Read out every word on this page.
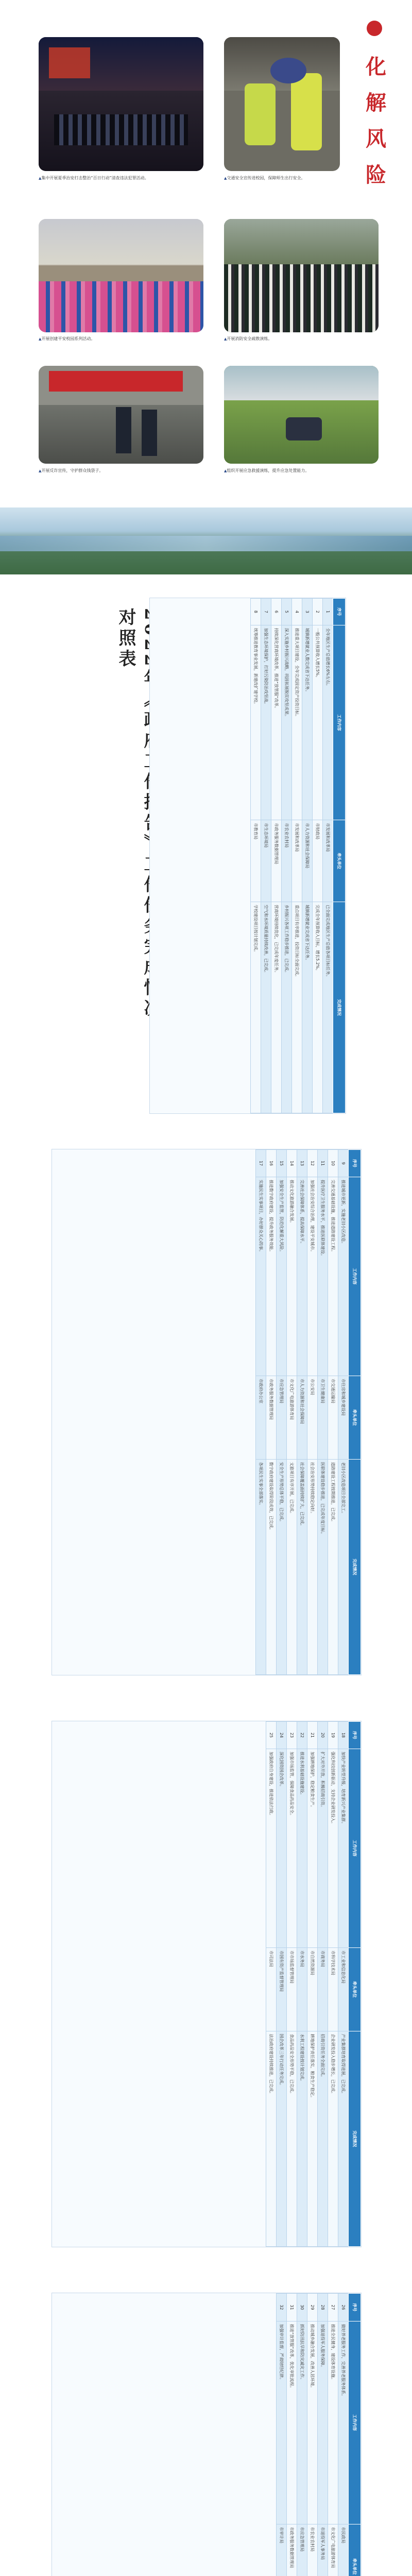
▲ 集中开展夏季治安打击整治“百日行动”清查违法犯罪活动。
▲ 开展创建平安校园系列活动。
▲ 开展反诈宣传，守护群众钱袋子。
▲ 交通安全宣传进校园，保障师生出行安全。
化
解
风
险
▲ 开展消防安全疏散演练。
▲ 组织开展应急救援演练，提升应急处置能力。
对照表
序号	工作内容	牵头单位	完成情况
1	全年地区生产总值增长6%左右。	市发展和改革局	已全面完成地区生产总值各项目标任务。
2	一般公共预算收入增长5%。	市财政局	完成全年预算收入目标，增长5.2%。
3	城镇新增就业人数完成省下达任务。	市人力资源和社会保障局	城镇新增就业完成省下达任务。
4	推进重大项目建设，全年完成固定资产投资目标。	市发展和改革局	重点项目有序推进，投资目标全面完成。
5	深入实施乡村振兴战略，巩固拓展脱贫攻坚成果。	市农业农村局	乡村振兴各项工作稳步推进，已完成。
6	持续深化营商环境改革，推进“放管服”改革。	市政务服务数据管理局	营商环境持续优化，已完成年度任务。
7	加强生态环境保护，打好污染防治攻坚战。	市生态环境局	空气和水环境质量持续改善，已完成。
8	统筹推进教育事业发展，新建改扩建学校。	市教育局	学校建设项目按计划完成。
序号	工作内容	牵头单位	完成情况
9	推进城市更新，实施老旧小区改造。	市住房和城乡建设局	老旧小区改造项目全部完工。
10	完善交通基础设施，推进道路建设工程。	市交通运输局	道路建设工程按期推进，已完成。
11	提升医疗卫生服务水平，推进医联体建设。	市卫生健康局	医联体建设稳步推进，已完成年度目标。
12	加强社会治安综合治理，建设平安城市。	市公安局	社会治安形势持续稳定向好。
13	完善社会保障体系，提高保障水平。	市人力资源和社会保障局	社会保障覆盖面持续扩大，已完成。
14	推动文化旅游融合发展。	市文化广电旅游体育局	文旅项目有序开展，已完成。
15	加强安全生产监管，防范化解重大风险。	市应急管理局	安全生产形势总体平稳，已完成。
16	推进数字政府建设，提升政务服务效能。	市政务服务数据管理局	数字政府建设取得阶段成效，已完成。
17	实施民生实事项目，办好群众关心的事。	市政府办公室	各项民生实事全部落实。
序号	工作内容	牵头单位	完成情况
18	加快产业转型升级，培育新兴产业集群。	市工业和信息化局	产业集群培育取得进展，已完成。
19	强化科技创新驱动，支持企业研发投入。	市科学技术局	企业研发投入稳步增长，已完成。
20	扩大对外开放，积极招商引资。	市商务局	招商引资任务全面完成。
21	加强耕地保护，稳定粮食生产。	市自然资源局	耕地保护责任落实，粮食生产稳定。
22	推进水利基础设施建设。	市水务局	水利工程建设按计划完成。
23	加强市场监管，保障食品药品安全。	市市场监督管理局	食品药品安全形势平稳，已完成。
24	深化国资国企改革。	市国有资产监督管理局	国企改革三年行动任务完成。
25	加强政府自身建设，推进依法行政。	市司法局	法治政府建设持续推进，已完成。
序号	工作内容	牵头单位	
26	做好养老服务工作，完善养老服务体系。	市民政局	
27	推进全民健身，建设体育设施。	市文化广电旅游体育局	
28	加强退役军人服务保障。	市退役军人事务局	
29	推动城乡融合发展，改善人居环境。	市农业农村局	
30	抓好防汛抗旱和防灾减灾工作。	市应急管理局	
31	推进“放管服”改革，优化审批流程。	市政务服务数据管理局	
32	加强审计监督，严肃财经纪律。	市审计局	
